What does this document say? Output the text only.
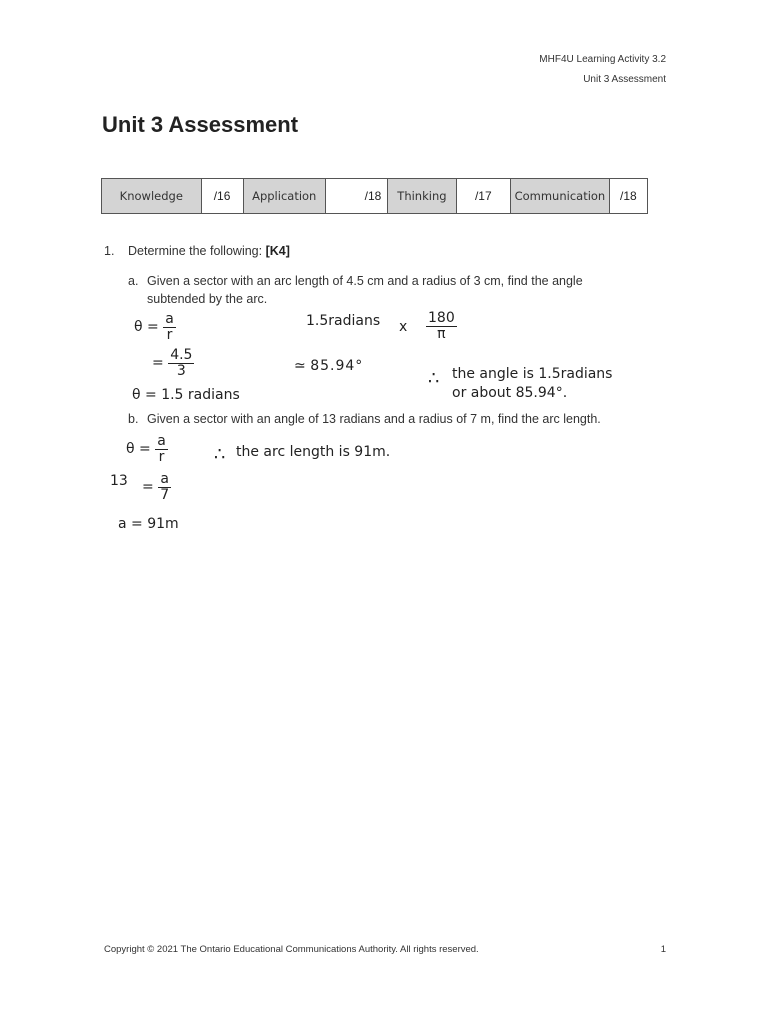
MHF4U Learning Activity 3.2
Unit 3 Assessment
Unit 3 Assessment
Knowledge	/16	Application	/18	Thinking	/17	Communication	/18
1. Determine the following: [K4]
a. Given a sector with an arc length of 4.5 cm and a radius of 3 cm, find the angle
subtended by the arc.
$\theta = \frac{a}{r}$
= $\frac{4.5}{3}$
θ = 1.5 radians
1.5radians x $\frac{180}{\pi}$
≃ 85.94°
∴ the angle is 1.5radians
or about 85.94°.
b. Given a sector with an angle of 13 radians and a radius of 7 m, find the arc length.
$\theta = \frac{a}{r}$	∴ the arc length is 91m.
$13 = \frac{a}{7}$
a = 91m
Copyright © 2021 The Ontario Educational Communications Authority. All rights reserved.	1
